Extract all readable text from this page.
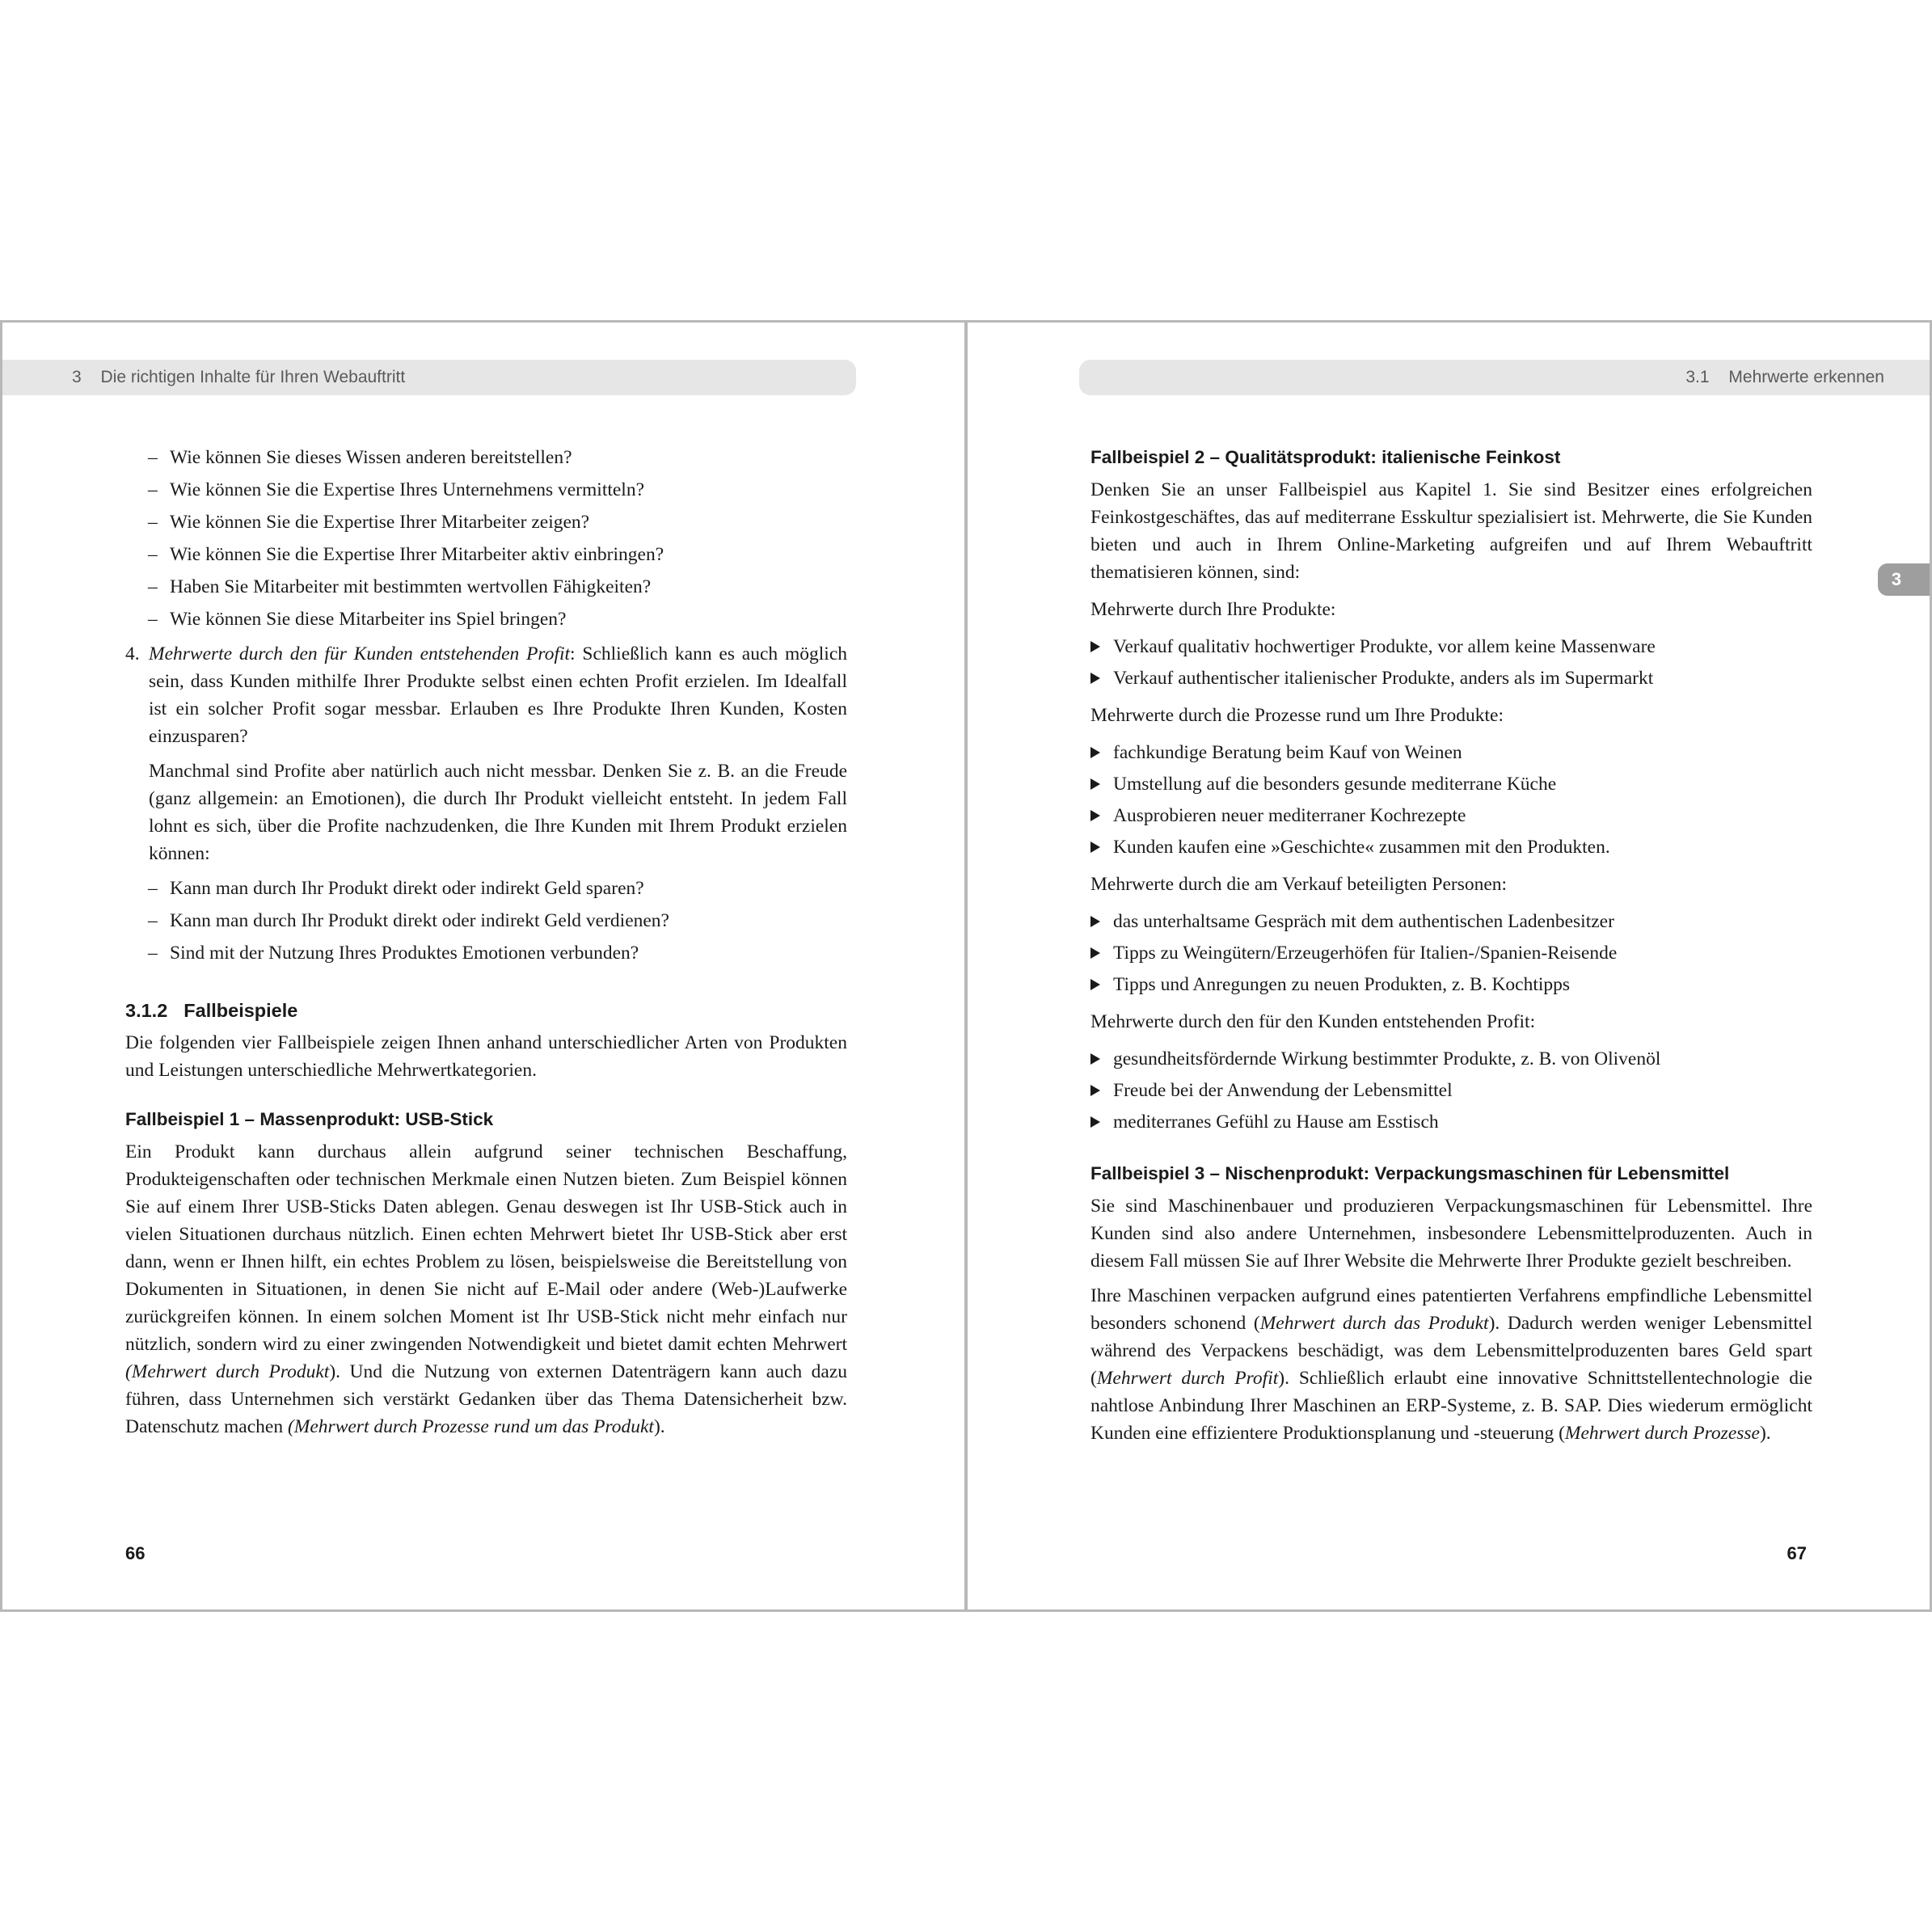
3 Die richtigen Inhalte für Ihren Webauftritt
– Wie können Sie dieses Wissen anderen bereitstellen?
– Wie können Sie die Expertise Ihres Unternehmens vermitteln?
– Wie können Sie die Expertise Ihrer Mitarbeiter zeigen?
– Wie können Sie die Expertise Ihrer Mitarbeiter aktiv einbringen?
– Haben Sie Mitarbeiter mit bestimmten wertvollen Fähigkeiten?
– Wie können Sie diese Mitarbeiter ins Spiel bringen?
4. Mehrwerte durch den für Kunden entstehenden Profit: Schließlich kann es auch möglich sein, dass Kunden mithilfe Ihrer Produkte selbst einen echten Profit erzielen. Im Idealfall ist ein solcher Profit sogar messbar. Erlauben es Ihre Produkte Ihren Kunden, Kosten einzusparen?

Manchmal sind Profite aber natürlich auch nicht messbar. Denken Sie z. B. an die Freude (ganz allgemein: an Emotionen), die durch Ihr Produkt vielleicht entsteht. In jedem Fall lohnt es sich, über die Profite nachzudenken, die Ihre Kunden mit Ihrem Produkt erzielen können:

– Kann man durch Ihr Produkt direkt oder indirekt Geld sparen?
– Kann man durch Ihr Produkt direkt oder indirekt Geld verdienen?
– Sind mit der Nutzung Ihres Produktes Emotionen verbunden?
3.1.2 Fallbeispiele

Die folgenden vier Fallbeispiele zeigen Ihnen anhand unterschiedlicher Arten von Produkten und Leistungen unterschiedliche Mehrwertkategorien.

Fallbeispiel 1 – Massenprodukt: USB-Stick

Ein Produkt kann durchaus allein aufgrund seiner technischen Beschaffung, Produkteigenschaften oder technischen Merkmale einen Nutzen bieten. Zum Beispiel können Sie auf einem Ihrer USB-Sticks Daten ablegen. Genau deswegen ist Ihr USB-Stick auch in vielen Situationen durchaus nützlich. Einen echten Mehrwert bietet Ihr USB-Stick aber erst dann, wenn er Ihnen hilft, ein echtes Problem zu lösen, beispielsweise die Bereitstellung von Dokumenten in Situationen, in denen Sie nicht auf E-Mail oder andere (Web-)Laufwerke zurückgreifen können. In einem solchen Moment ist Ihr USB-Stick nicht mehr einfach nur nützlich, sondern wird zu einer zwingenden Notwendigkeit und bietet damit echten Mehrwert (Mehrwert durch Produkt). Und die Nutzung von externen Datenträgern kann auch dazu führen, dass Unternehmen sich verstärkt Gedanken über das Thema Datensicherheit bzw. Datenschutz machen (Mehrwert durch Prozesse rund um das Produkt).

66
3.1 Mehrwerte erkennen
3
Fallbeispiel 2 – Qualitätsprodukt: italienische Feinkost

Denken Sie an unser Fallbeispiel aus Kapitel 1. Sie sind Besitzer eines erfolgreichen Feinkostgeschäftes, das auf mediterrane Esskultur spezialisiert ist. Mehrwerte, die Sie Kunden bieten und auch in Ihrem Online-Marketing aufgreifen und auf Ihrem Webauftritt thematisieren können, sind:

Mehrwerte durch Ihre Produkte:

Verkauf qualitativ hochwertiger Produkte, vor allem keine Massenware
Verkauf authentischer italienischer Produkte, anders als im Supermarkt

Mehrwerte durch die Prozesse rund um Ihre Produkte:

fachkundige Beratung beim Kauf von Weinen
Umstellung auf die besonders gesunde mediterrane Küche
Ausprobieren neuer mediterraner Kochrezepte
Kunden kaufen eine »Geschichte« zusammen mit den Produkten.

Mehrwerte durch die am Verkauf beteiligten Personen:

das unterhaltsame Gespräch mit dem authentischen Ladenbesitzer
Tipps zu Weingütern/Erzeugerhöfen für Italien-/Spanien-Reisende
Tipps und Anregungen zu neuen Produkten, z. B. Kochtipps

Mehrwerte durch den für den Kunden entstehenden Profit:

gesundheitsfördernde Wirkung bestimmter Produkte, z. B. von Olivenöl
Freude bei der Anwendung der Lebensmittel
mediterranes Gefühl zu Hause am Esstisch
Fallbeispiel 3 – Nischenprodukt: Verpackungsmaschinen für Lebensmittel

Sie sind Maschinenbauer und produzieren Verpackungsmaschinen für Lebensmittel. Ihre Kunden sind also andere Unternehmen, insbesondere Lebensmittelproduzenten. Auch in diesem Fall müssen Sie auf Ihrer Website die Mehrwerte Ihrer Produkte gezielt beschreiben.

Ihre Maschinen verpacken aufgrund eines patentierten Verfahrens empfindliche Lebensmittel besonders schonend (Mehrwert durch das Produkt). Dadurch werden weniger Lebensmittel während des Verpackens beschädigt, was dem Lebensmittelproduzenten bares Geld spart (Mehrwert durch Profit). Schließlich erlaubt eine innovative Schnittstellentechnologie die nahtlose Anbindung Ihrer Maschinen an ERP-Systeme, z. B. SAP. Dies wiederum ermöglicht Kunden eine effizientere Produktionsplanung und -steuerung (Mehrwert durch Prozesse).

67
